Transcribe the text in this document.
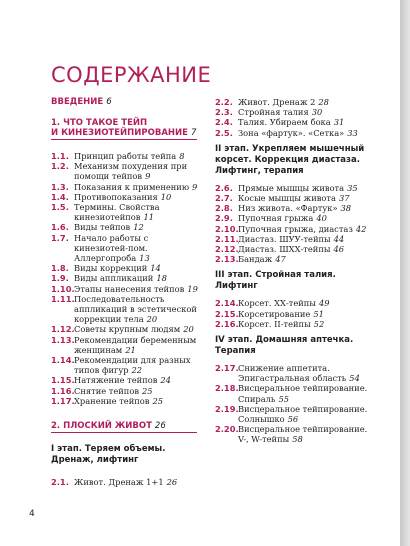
СОДЕРЖАНИЕ
ВВЕДЕНИЕ 6
1. ЧТО ТАКОЕ ТЕЙП
И КИНЕЗИОТЕЙПИРОВАНИЕ 7
1.1. Принцип работы тейпа 8
1.2. Механизм похудения при помощи тейпов 9
1.3. Показания к применению 9
1.4. Противопоказания 10
1.5. Термины. Свойства кинезиотейпов 11
1.6. Виды тейпов 12
1.7. Начало работы с кинезиотей-пом. Аллергопроба 13
1.8. Виды коррекций 14
1.9. Виды аппликаций 18
1.10. Этапы нанесения тейпов 19
1.11. Последовательность аппликаций в эстетической коррекции тела 20
1.12. Советы крупным людям 20
1.13. Рекомендации беременным женщинам 21
1.14. Рекомендации для разных типов фигур 22
1.15. Натяжение тейпов 24
1.16. Снятие тейпов 25
1.17. Хранение тейпов 25
2. ПЛОСКИЙ ЖИВОТ 26
I этап. Теряем объемы. Дренаж, лифтинг
2.1. Живот. Дренаж 1+1 26
2.2. Живот. Дренаж 2 28
2.3. Стройная талия 30
2.4. Талия. Убираем бока 31
2.5. Зона «фартук». «Сетка» 33
II этап. Укрепляем мышечный корсет. Коррекция диастаза. Лифтинг, терапия
2.6. Прямые мышцы живота 35
2.7. Косые мышцы живота 37
2.8. Низ живота. «Фартук» 38
2.9. Пупочная грыжа 40
2.10. Пупочная грыжа, диастаз 42
2.11. Диастаз. ШУУ-тейпы 44
2.12. Диастаз. ШХХ-тейпы 46
2.13. Бандаж 47
III этап. Стройная талия. Лифтинг
2.14. Корсет. ХХ-тейпы 49
2.15. Корсетирование 51
2.16. Корсет. II-тейпы 52
IV этап. Домашняя аптечка. Терапия
2.17. Снижение аппетита. Эпигастральная область 54
2.18. Висцеральное тейпирование. Спираль 55
2.19. Висцеральное тейпирование. Солнышко 56
2.20. Висцеральное тейпирование. V-, W-тейпы 58
4
